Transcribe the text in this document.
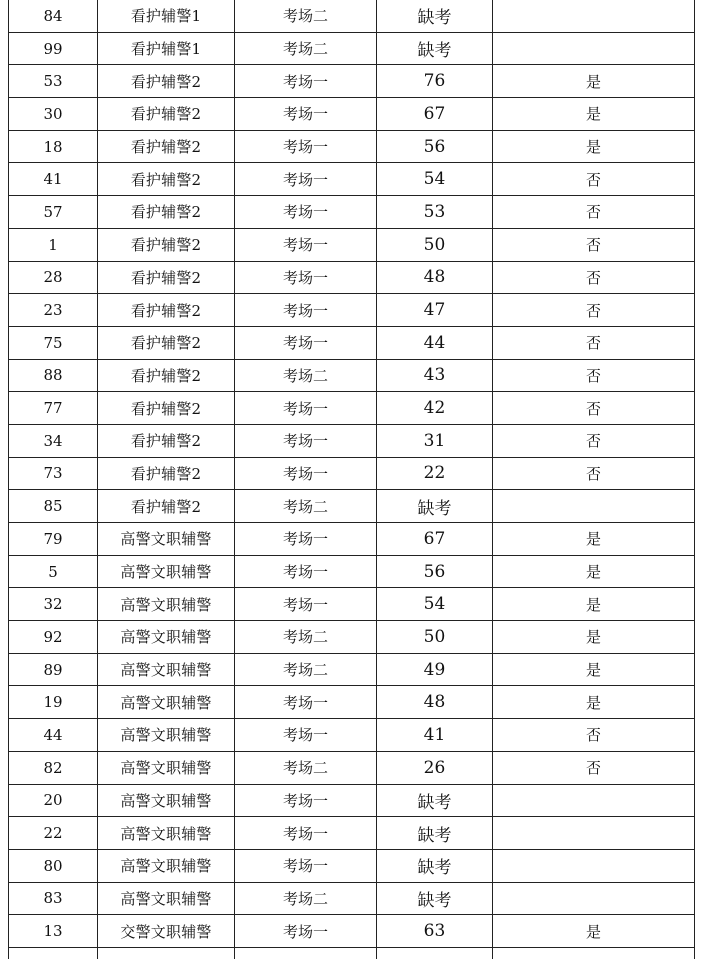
84	看护辅警1	考场二	缺考	
99	看护辅警1	考场二	缺考	
53	看护辅警2	考场一	76	是
30	看护辅警2	考场一	67	是
18	看护辅警2	考场一	56	是
41	看护辅警2	考场一	54	否
57	看护辅警2	考场一	53	否
1	看护辅警2	考场一	50	否
28	看护辅警2	考场一	48	否
23	看护辅警2	考场一	47	否
75	看护辅警2	考场一	44	否
88	看护辅警2	考场二	43	否
77	看护辅警2	考场一	42	否
34	看护辅警2	考场一	31	否
73	看护辅警2	考场一	22	否
85	看护辅警2	考场二	缺考	
79	高警文职辅警	考场一	67	是
5	高警文职辅警	考场一	56	是
32	高警文职辅警	考场一	54	是
92	高警文职辅警	考场二	50	是
89	高警文职辅警	考场二	49	是
19	高警文职辅警	考场一	48	是
44	高警文职辅警	考场一	41	否
82	高警文职辅警	考场二	26	否
20	高警文职辅警	考场一	缺考	
22	高警文职辅警	考场一	缺考	
80	高警文职辅警	考场一	缺考	
83	高警文职辅警	考场二	缺考	
13	交警文职辅警	考场一	63	是
